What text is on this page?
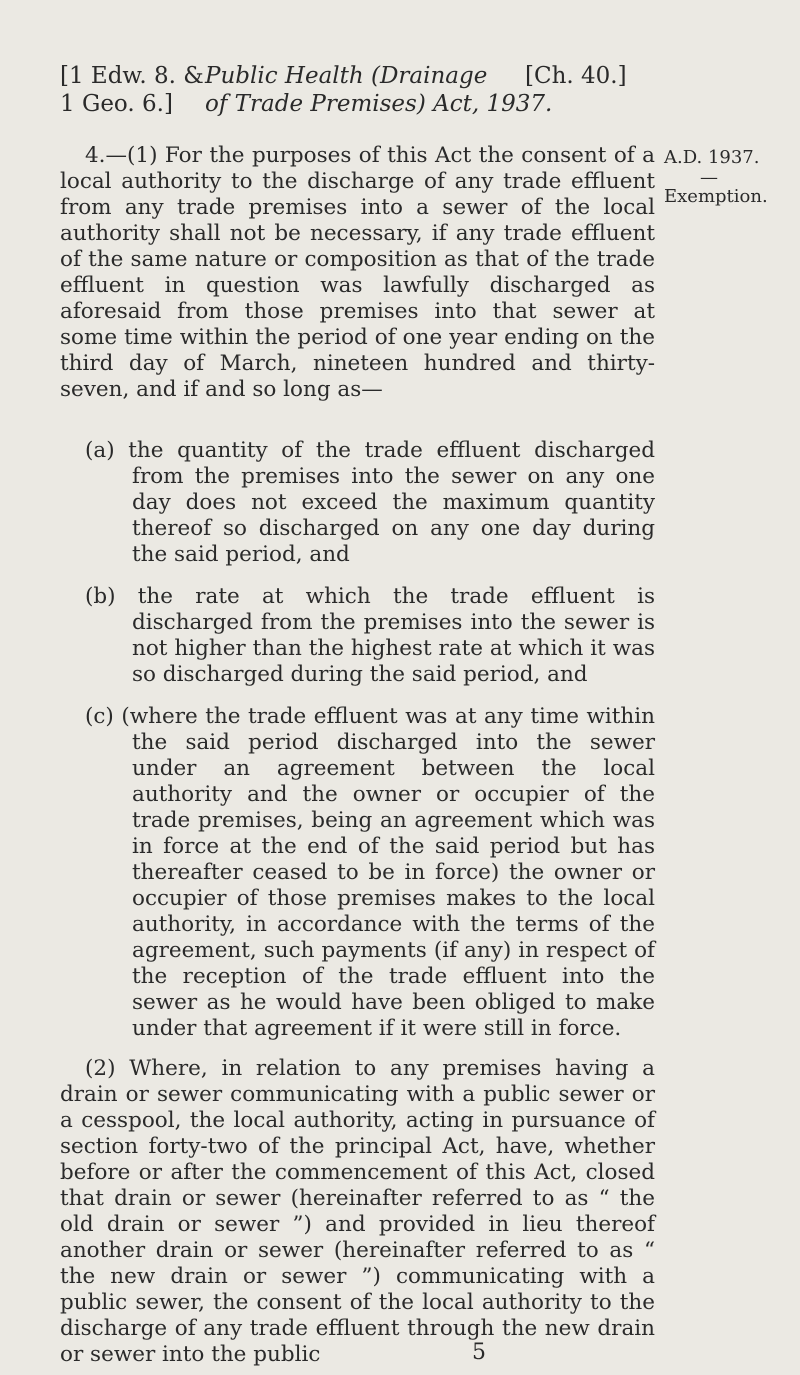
[1 Edw. 8. &
1 Geo. 6.]
Public Health (Drainage
of Trade Premises) Act, 1937.
[Ch. 40.]
A.D. 1937.
—
Exemption.

4.—(1) For the purposes of this Act the consent of a local authority to the discharge of any trade effluent from any trade premises into a sewer of the local authority shall not be necessary, if any trade effluent of the same nature or composition as that of the trade effluent in question was lawfully discharged as aforesaid from those premises into that sewer at some time within the period of one year ending on the third day of March, nineteen hundred and thirty-seven, and if and so long as—

(a) the quantity of the trade effluent discharged from the premises into the sewer on any one day does not exceed the maximum quantity thereof so discharged on any one day during the said period, and

(b) the rate at which the trade effluent is discharged from the premises into the sewer is not higher than the highest rate at which it was so discharged during the said period, and

(c) (where the trade effluent was at any time within the said period discharged into the sewer under an agreement between the local authority and the owner or occupier of the trade premises, being an agreement which was in force at the end of the said period but has thereafter ceased to be in force) the owner or occupier of those premises makes to the local authority, in accordance with the terms of the agreement, such payments (if any) in respect of the reception of the trade effluent into the sewer as he would have been obliged to make under that agreement if it were still in force.

(2) Where, in relation to any premises having a drain or sewer communicating with a public sewer or a cesspool, the local authority, acting in pursuance of section forty-two of the principal Act, have, whether before or after the commencement of this Act, closed that drain or sewer (hereinafter referred to as “ the old drain or sewer ”) and provided in lieu thereof another drain or sewer (hereinafter referred to as “ the new drain or sewer ”) communicating with a public sewer, the consent of the local authority to the discharge of any trade effluent through the new drain or sewer into the public	5
